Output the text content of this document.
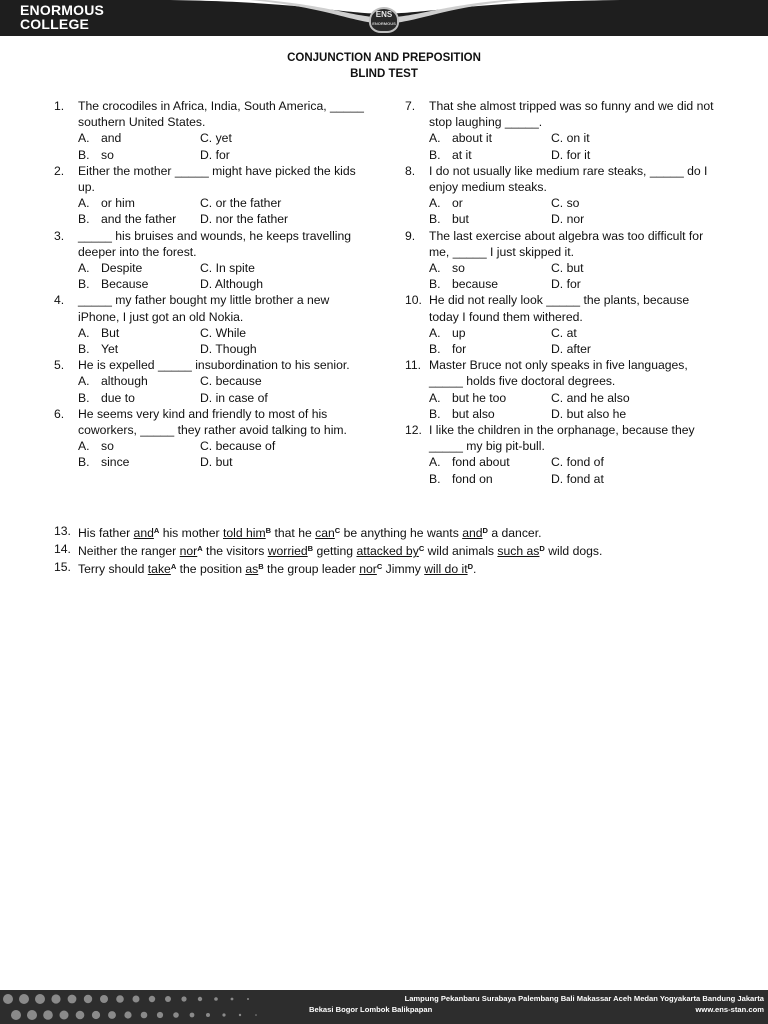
ENORMOUS
COLLEGE
ENS
ENORMOUS
CONJUNCTION AND PREPOSITION
BLIND TEST
1.	The crocodiles in Africa, India, South America, _____ southern United States.
A. and	C. yet
B. so	D. for
2.	Either the mother _____ might have picked the kids up.
A. or him	C. or the father
B. and the father	D. nor the father
3.	_____ his bruises and wounds, he keeps travelling deeper into the forest.
A. Despite	C. In spite
B. Because	D. Although
4.	_____ my father bought my little brother a new iPhone, I just got an old Nokia.
A. But	C. While
B. Yet	D. Though
5.	He is expelled _____ insubordination to his senior.
A. although	C. because
B. due to	D. in case of
6.	He seems very kind and friendly to most of his coworkers, _____ they rather avoid talking to him.
A. so	C. because of
B. since	D. but
7.	That she almost tripped was so funny and we did not stop laughing _____.
A. about it	C. on it
B. at it	D. for it
8.	I do not usually like medium rare steaks, _____ do I enjoy medium steaks.
A. or	C. so
B. but	D. nor
9.	The last exercise about algebra was too difficult for me, _____ I just skipped it.
A. so	C. but
B. because	D. for
10. He did not really look _____ the plants, because today I found them withered.
A. up	C. at
B. for	D. after
11. Master Bruce not only speaks in five languages, _____ holds five doctoral degrees.
A. but he too	C. and he also
B. but also	D. but also he
12. I like the children in the orphanage, because they _____ my big pit-bull.
A. fond about	C. fond of
B. fond on	D. fond at
13. His father and$^A$ his mother told him$^B$ that he can$^C$ be anything he wants and$^D$ a dancer.
14. Neither the ranger nor$^A$ the visitors worried$^B$ getting attacked $by^C$ wild animals such $as^D$ wild dogs.
15. Terry should take$^A$ the position $as^B$ the group leader nor$^C$ Jimmy will do $it^D$.
Lampung Pekanbaru Surabaya Palembang Bali Makassar Aceh Medan Yogyakarta Bandung Jakarta
Bekasi Bogor Lombok Balikpapan	www.ens-stan.com
